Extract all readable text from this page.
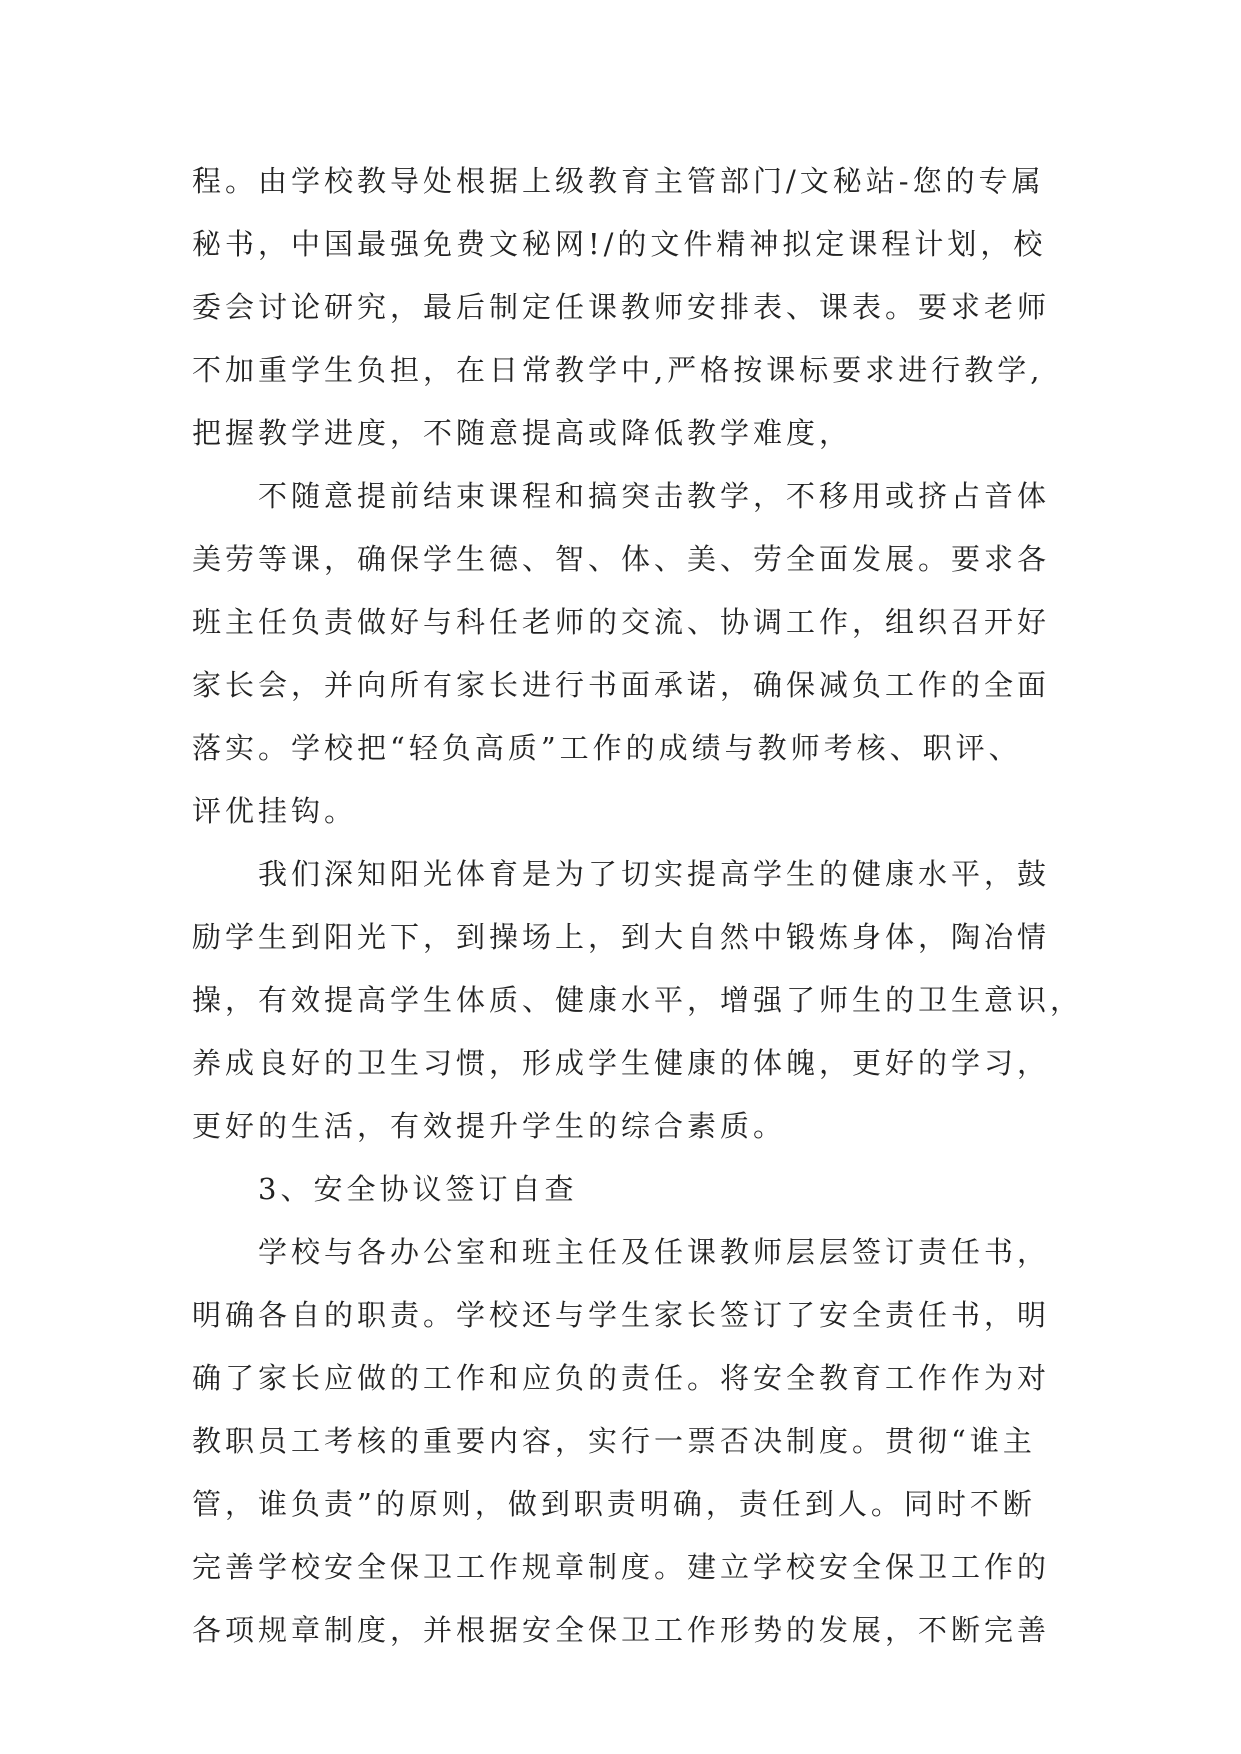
程。由学校教导处根据上级教育主管部门/文秘站-您的专属
秘书，中国最强免费文秘网!/的文件精神拟定课程计划，校
委会讨论研究，最后制定任课教师安排表、课表。要求老师
不加重学生负担，在日常教学中,严格按课标要求进行教学,
把握教学进度，不随意提高或降低教学难度，
不随意提前结束课程和搞突击教学，不移用或挤占音体
美劳等课，确保学生德、智、体、美、劳全面发展。要求各
班主任负责做好与科任老师的交流、协调工作，组织召开好
家长会，并向所有家长进行书面承诺，确保减负工作的全面
落实。学校把“轻负高质”工作的成绩与教师考核、职评、
评优挂钩。
我们深知阳光体育是为了切实提高学生的健康水平，鼓
励学生到阳光下，到操场上，到大自然中锻炼身体，陶冶情
操，有效提高学生体质、健康水平，增强了师生的卫生意识，
养成良好的卫生习惯，形成学生健康的体魄，更好的学习，
更好的生活，有效提升学生的综合素质。
3、安全协议签订自查
学校与各办公室和班主任及任课教师层层签订责任书，
明确各自的职责。学校还与学生家长签订了安全责任书，明
确了家长应做的工作和应负的责任。将安全教育工作作为对
教职员工考核的重要内容，实行一票否决制度。贯彻“谁主
管，谁负责”的原则，做到职责明确，责任到人。同时不断
完善学校安全保卫工作规章制度。建立学校安全保卫工作的
各项规章制度，并根据安全保卫工作形势的发展，不断完善
